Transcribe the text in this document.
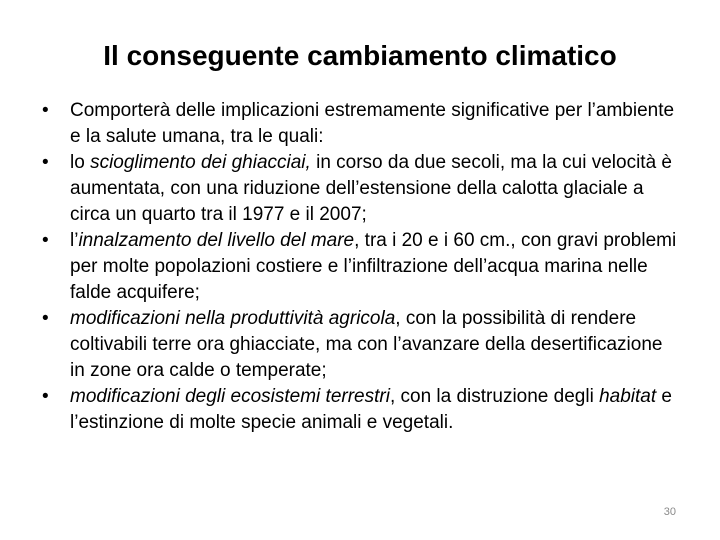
Il conseguente cambiamento climatico
• Comporterà delle implicazioni estremamente significative per l’ambiente e la salute umana, tra le quali:
• lo scioglimento dei ghiacciai, in corso da due secoli, ma la cui velocità è aumentata, con una riduzione dell’estensione della calotta glaciale a circa un quarto tra il 1977 e il 2007;
• l’innalzamento del livello del mare, tra i 20 e i 60 cm., con gravi problemi per molte popolazioni costiere e l’infiltrazione dell’acqua marina nelle falde acquifere;
• modificazioni nella produttività agricola, con la possibilità di rendere coltivabili terre ora ghiacciate, ma con l’avanzare della desertificazione in zone ora calde o temperate;
• modificazioni degli ecosistemi terrestri, con la distruzione degli habitat e l’estinzione di molte specie animali e vegetali.
30
